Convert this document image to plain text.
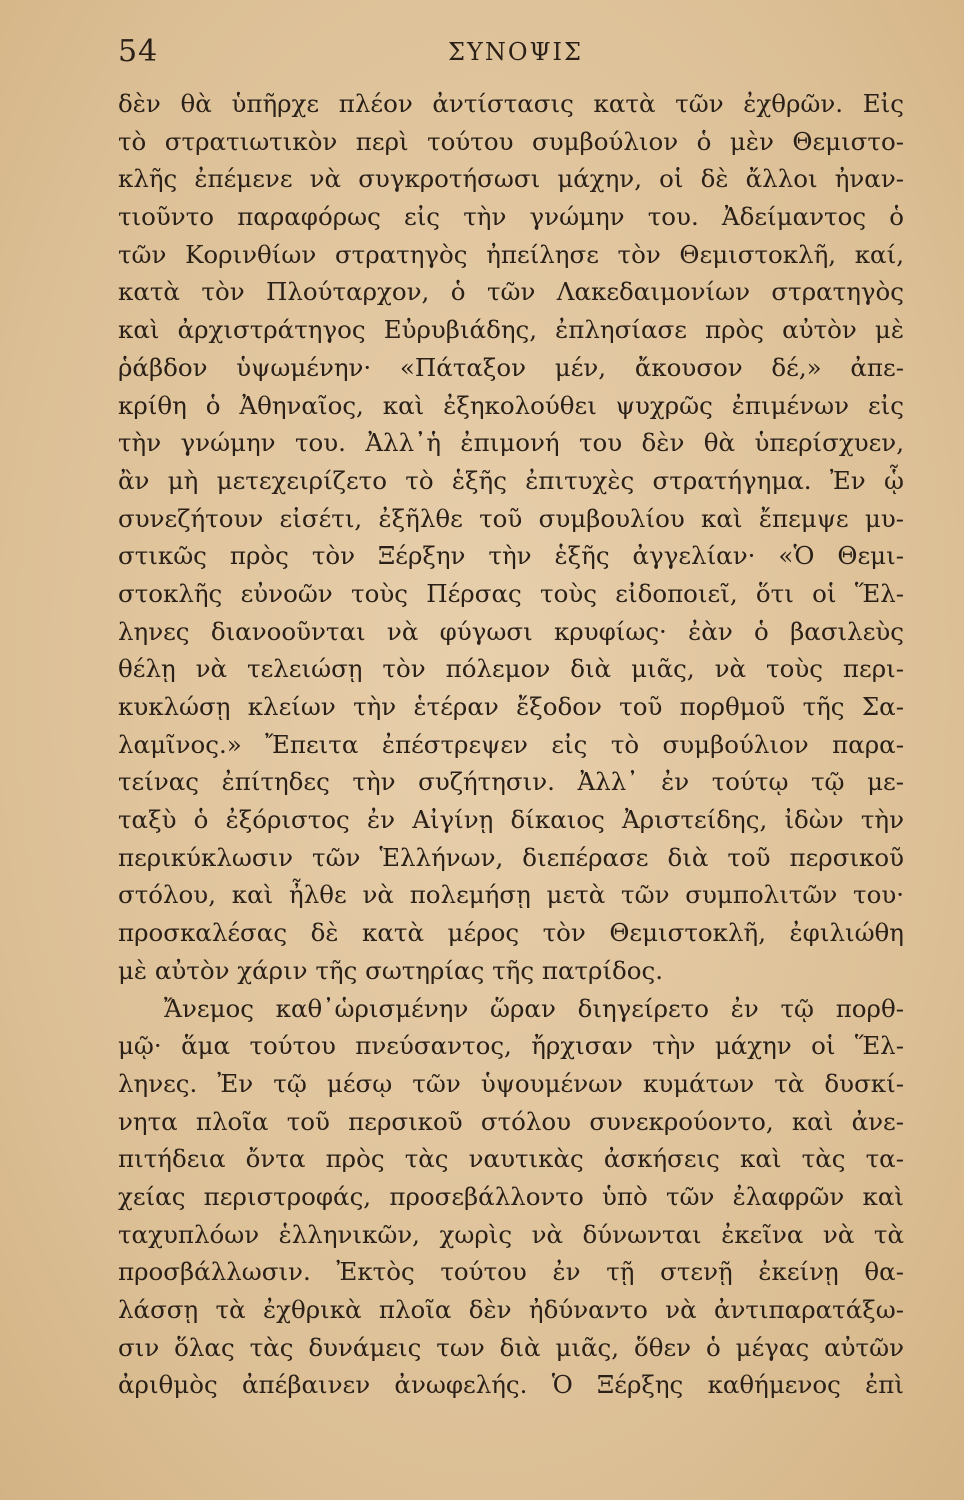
54	ΣΥΝΟΨΙΣ
δὲν θὰ ὑπῆρχε πλέον ἀντίστασις κατὰ τῶν ἐχθρῶν. Εἰς
τὸ στρατιωτικὸν περὶ τούτου συμβούλιον ὁ μὲν Θεμιστο-
κλῆς ἐπέμενε νὰ συγκροτήσωσι μάχην, οἱ δὲ ἄλλοι ἠναν-
τιοῦντο παραφόρως εἰς τὴν γνώμην του. Ἀδείμαντος ὁ
τῶν Κορινθίων στρατηγὸς ἠπείλησε τὸν Θεμιστοκλῆ, καί,
κατὰ τὸν Πλούταρχον, ὁ τῶν Λακεδαιμονίων στρατηγὸς
καὶ ἀρχιστράτηγος Εὐρυβιάδης, ἐπλησίασε πρὸς αὐτὸν μὲ
ῥάβδον ὑψωμένην· «Πάταξον μέν, ἄκουσον δέ,» ἀπε-
κρίθη ὁ Ἀθηναῖος, καὶ ἐξηκολούθει ψυχρῶς ἐπιμένων εἰς
τὴν γνώμην του. Ἀλλ᾽ἡ ἐπιμονή του δὲν θὰ ὑπερίσχυεν,
ἂν μὴ μετεχειρίζετο τὸ ἑξῆς ἐπιτυχὲς στρατήγημα. Ἐν ᾧ
συνεζήτουν εἰσέτι, ἐξῆλθε τοῦ συμβουλίου καὶ ἔπεμψε μυ-
στικῶς πρὸς τὸν Ξέρξην τὴν ἑξῆς ἀγγελίαν· «Ὁ Θεμι-
στοκλῆς εὐνοῶν τοὺς Πέρσας τοὺς εἰδοποιεῖ, ὅτι οἱ Ἕλ-
ληνες διανοοῦνται νὰ φύγωσι κρυφίως· ἐὰν ὁ βασιλεὺς
θέλῃ νὰ τελειώσῃ τὸν πόλεμον διὰ μιᾶς, νὰ τοὺς περι-
κυκλώσῃ κλείων τὴν ἑτέραν ἔξοδον τοῦ πορθμοῦ τῆς Σα-
λαμῖνος.» Ἔπειτα ἐπέστρεψεν εἰς τὸ συμβούλιον παρα-
τείνας ἐπίτηδες τὴν συζήτησιν. Ἀλλ᾽ ἐν τούτῳ τῷ με-
ταξὺ ὁ ἐξόριστος ἐν Αἰγίνῃ δίκαιος Ἀριστείδης, ἰδὼν τὴν
περικύκλωσιν τῶν Ἑλλήνων, διεπέρασε διὰ τοῦ περσικοῦ
στόλου, καὶ ἦλθε νὰ πολεμήσῃ μετὰ τῶν συμπολιτῶν του·
προσκαλέσας δὲ κατὰ μέρος τὸν Θεμιστοκλῆ, ἐφιλιώθη
μὲ αὐτὸν χάριν τῆς σωτηρίας τῆς πατρίδος.
Ἄνεμος καθ᾽ὡρισμένην ὥραν διηγείρετο ἐν τῷ πορθ-
μῷ· ἅμα τούτου πνεύσαντος, ἤρχισαν τὴν μάχην οἱ Ἕλ-
ληνες. Ἐν τῷ μέσῳ τῶν ὑψουμένων κυμάτων τὰ δυσκί-
νητα πλοῖα τοῦ περσικοῦ στόλου συνεκρούοντο, καὶ ἀνε-
πιτήδεια ὄντα πρὸς τὰς ναυτικὰς ἀσκήσεις καὶ τὰς τα-
χείας περιστροφάς, προσεβάλλοντο ὑπὸ τῶν ἐλαφρῶν καὶ
ταχυπλόων ἑλληνικῶν, χωρὶς νὰ δύνωνται ἐκεῖνα νὰ τὰ
προσβάλλωσιν. Ἐκτὸς τούτου ἐν τῇ στενῇ ἐκείνῃ θα-
λάσσῃ τὰ ἐχθρικὰ πλοῖα δὲν ἠδύναντο νὰ ἀντιπαρατάξω-
σιν ὅλας τὰς δυνάμεις των διὰ μιᾶς, ὅθεν ὁ μέγας αὐτῶν
ἀριθμὸς ἀπέβαινεν ἀνωφελής. Ὁ Ξέρξης καθήμενος ἐπὶ
